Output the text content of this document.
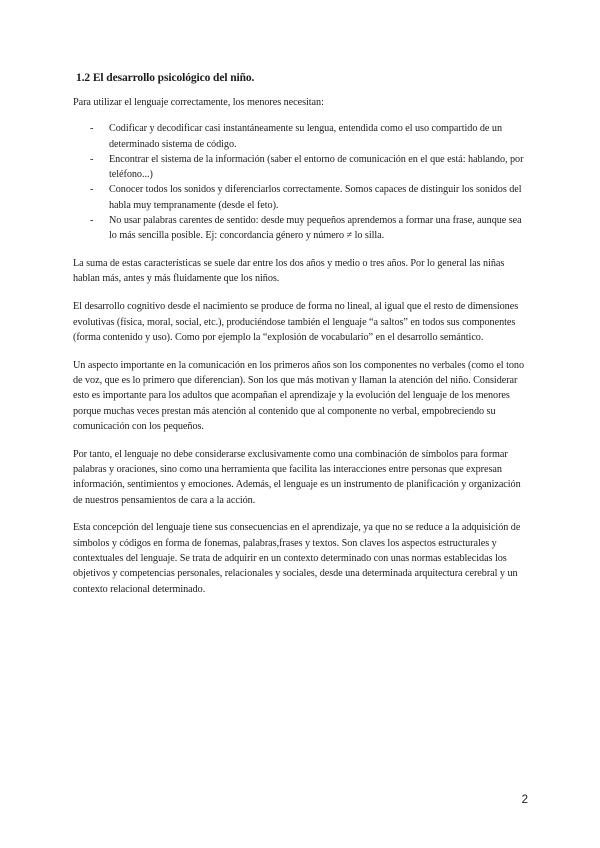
1.2 El desarrollo psicológico del niño.

Para utilizar el lenguaje correctamente, los menores necesitan:

- Codificar y decodificar casi instantáneamente su lengua, entendida como el uso compartido de un determinado sistema de código.
- Encontrar el sistema de la información (saber el entorno de comunicación en el que está: hablando, por teléfono...)
- Conocer todos los sonidos y diferenciarlos correctamente. Somos capaces de distinguir los sonidos del habla muy tempranamente (desde el feto).
- No usar palabras carentes de sentido: desde muy pequeños aprendemos a formar una frase, aunque sea lo más sencilla posible. Ej: concordancia género y número ≠ lo silla.

La suma de estas características se suele dar entre los dos años y medio o tres años. Por lo general las niñas hablan más, antes y más fluidamente que los niños.

El desarrollo cognitivo desde el nacimiento se produce de forma no lineal, al igual que el resto de dimensiones evolutivas (física, moral, social, etc.), produciéndose también el lenguaje “a saltos” en todos sus componentes (forma contenido y uso). Como por ejemplo la “explosión de vocabulario” en el desarrollo semántico.

Un aspecto importante en la comunicación en los primeros años son los componentes no verbales (como el tono de voz, que es lo primero que diferencian). Son los que más motivan y llaman la atención del niño. Considerar esto es importante para los adultos que acompañan el aprendizaje y la evolución del lenguaje de los menores porque muchas veces prestan más atención al contenido que al componente no verbal, empobreciendo su comunicación con los pequeños.

Por tanto, el lenguaje no debe considerarse exclusivamente como una combinación de símbolos para formar palabras y oraciones, sino como una herramienta que facilita las interacciones entre personas que expresan información, sentimientos y emociones. Además, el lenguaje es un instrumento de planificación y organización de nuestros pensamientos de cara a la acción.

Esta concepción del lenguaje tiene sus consecuencias en el aprendizaje, ya que no se reduce a la adquisición de símbolos y códigos en forma de fonemas, palabras,frases y textos. Son claves los aspectos estructurales y contextuales del lenguaje. Se trata de adquirir en un contexto determinado con unas normas establecidas los objetivos y competencias personales, relacionales y sociales, desde una determinada arquitectura cerebral y un contexto relacional determinado.

2
